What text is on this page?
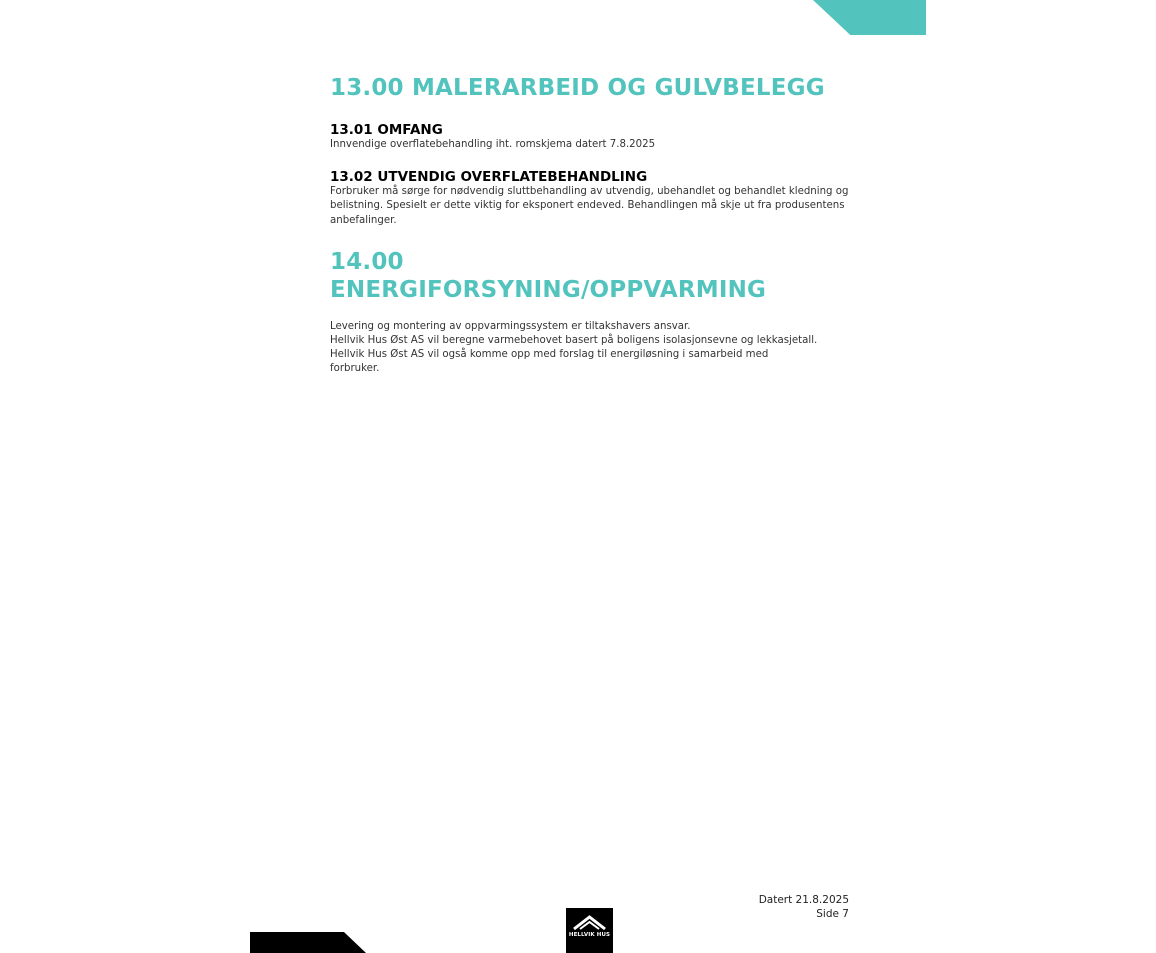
13.00 MALERARBEID OG GULVBELEGG
13.01 OMFANG

Innvendige overflatebehandling iht. romskjema datert 7.8.2025

13.02 UTVENDIG OVERFLATEBEHANDLING

Forbruker må sørge for nødvendig sluttbehandling av utvendig, ubehandlet og behandlet kledning og belistning. Spesielt er dette viktig for eksponert endeved. Behandlingen må skje ut fra produsentens anbefalinger.

14.00
ENERGIFORSYNING/OPPVARMING

Levering og montering av oppvarmingssystem er tiltakshavers ansvar.

Hellvik Hus Øst AS vil beregne varmebehovet basert på boligens isolasjonsevne og lekkasjetall.

Hellvik Hus Øst AS vil også komme opp med forslag til energiløsning i samarbeid med forbruker.

Datert 21.8.2025
Side 7
HELLVIK HUS
